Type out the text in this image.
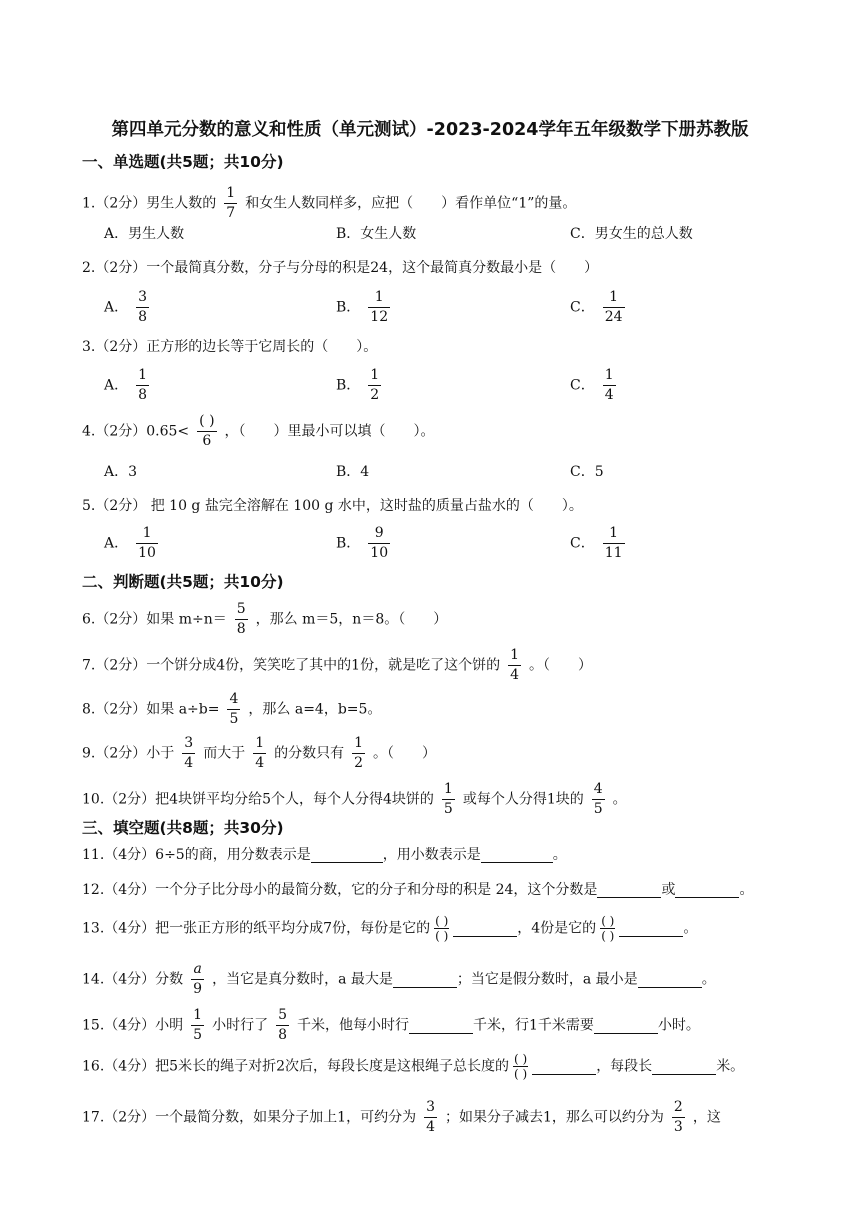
第四单元分数的意义和性质（单元测试）-2023-2024学年五年级数学下册苏教版
一、单选题(共5题；共10分)
1.（2分）男生人数的 $\frac{1}{7}$ 和女生人数同样多，应把（　　）看作单位“1”的量。
A．男生人数	B．女生人数	C．男女生的总人数
2.（2分）一个最简真分数，分子与分母的积是24，这个最简真分数最小是（　　）
A． $\frac{3}{8}$	B． $\frac{1}{12}$	C． $\frac{1}{24}$
3.（2分）正方形的边长等于它周长的（　　）。
A． $\frac{1}{8}$	B． $\frac{1}{2}$	C． $\frac{1}{4}$
4.（2分）$0.65< \frac{( )}{6}$ ，（　　）里最小可以填（　　）。
A．3	B．4	C．5
5.（2分） 把 10 g 盐完全溶解在 100 g 水中，这时盐的质量占盐水的（　　）。
A． $\frac{1}{10}$	B． $\frac{9}{10}$	C． $\frac{1}{11}$
二、判断题(共5题；共10分)
6.（2分）如果 $m\div n= \frac{5}{8}$ ，那么 m＝5，n＝8。（　　）
7.（2分）一个饼分成4份，笑笑吃了其中的1份，就是吃了这个饼的 $\frac{1}{4}$ 。（　　）
8.（2分）如果 $a\div b= \frac{4}{5}$ ，那么 a=4，b=5。
9.（2分）小于 $\frac{3}{4}$ 而大于 $\frac{1}{4}$ 的分数只有 $\frac{1}{2}$ 。（　　）
10.（2分）把4块饼平均分给5个人，每个人分得4块饼的 $\frac{1}{5}$ 或每个人分得1块的 $\frac{4}{5}$ 。
三、填空题(共8题；共30分)
11.（4分）6÷5的商，用分数表示是	，用小数表示是	。
12.（4分）一个分子比分母小的最简分数，它的分子和分母的积是 24，这个分数是	或	。
13.（4分）把一张正方形的纸平均分成7份，每份是它的 $\frac{( )}{( )}$	，4份是它的 $\frac{( )}{( )}$	。
14.（4分）分数 $\frac{a}{9}$ ，当它是真分数时，a 最大是	；当它是假分数时，a 最小是	。
15.（4分）小明 $\frac{1}{5}$ 小时行了 $\frac{5}{8}$ 千米，他每小时行	千米，行1千米需要	小时。
16.（4分）把5米长的绳子对折2次后，每段长度是这根绳子总长度的 $\frac{( )}{( )}$	，每段长	米。
17.（2分）一个最简分数，如果分子加上1，可约分为 $\frac{3}{4}$ ；如果分子减去1，那么可以约分为 $\frac{2}{3}$ ，这
